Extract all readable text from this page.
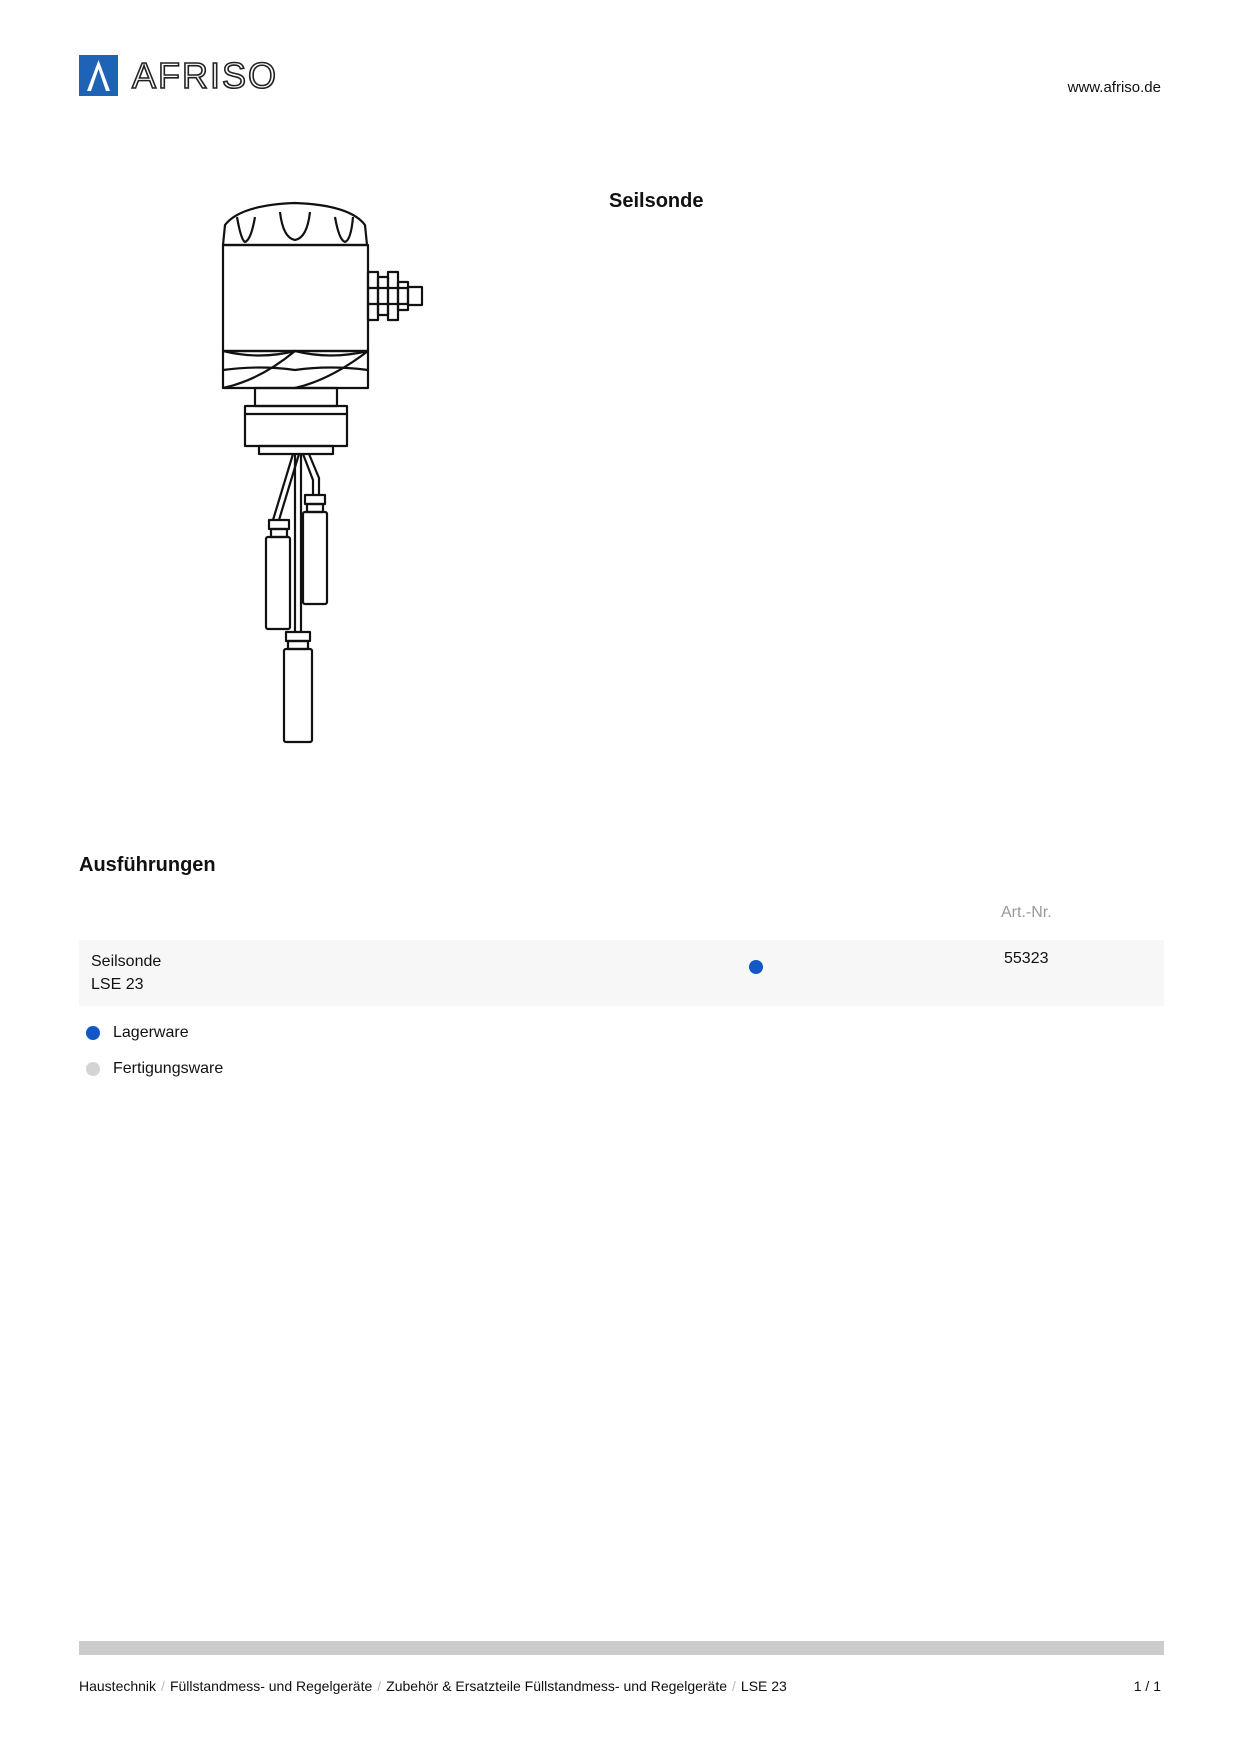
AFRISO	www.afriso.de
Seilsonde
Ausführungen
Art.-Nr.
Seilsonde
LSE 23
55323
Lagerware
Fertigungsware
Haustechnik / Füllstandmess- und Regelgeräte / Zubehör & Ersatzteile Füllstandmess- und Regelgeräte / LSE 23	1 / 1
